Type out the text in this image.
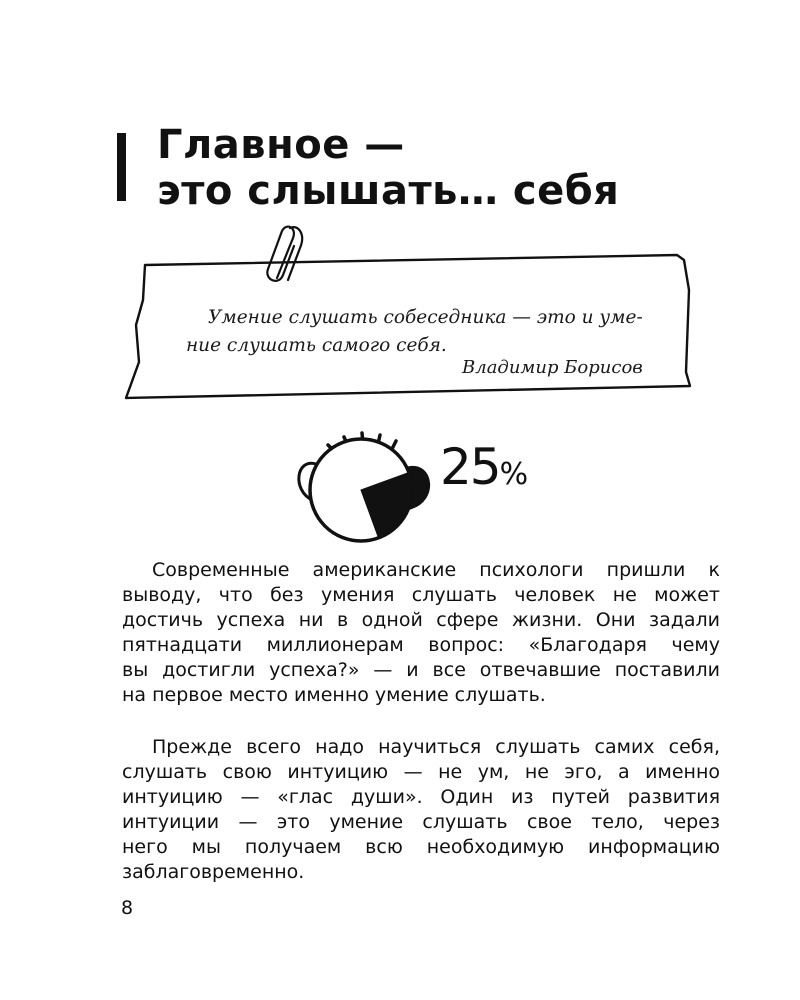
Главное —
это слышать… себя
Умение слушать собеседника — это и уме-
ние слушать самого себя.
Владимир Борисов
25%
Современные американские психологи пришли к
выводу, что без умения слушать человек не может
достичь успеха ни в одной сфере жизни. Они задали
пятнадцати миллионерам вопрос: «Благодаря чему
вы достигли успеха?» — и все отвечавшие поставили
на первое место именно умение слушать.
Прежде всего надо научиться слушать самих себя,
слушать свою интуицию — не ум, не эго, а именно
интуицию — «глас души». Один из путей развития
интуиции — это умение слушать свое тело, через
него мы получаем всю необходимую информацию
заблаговременно.
8
